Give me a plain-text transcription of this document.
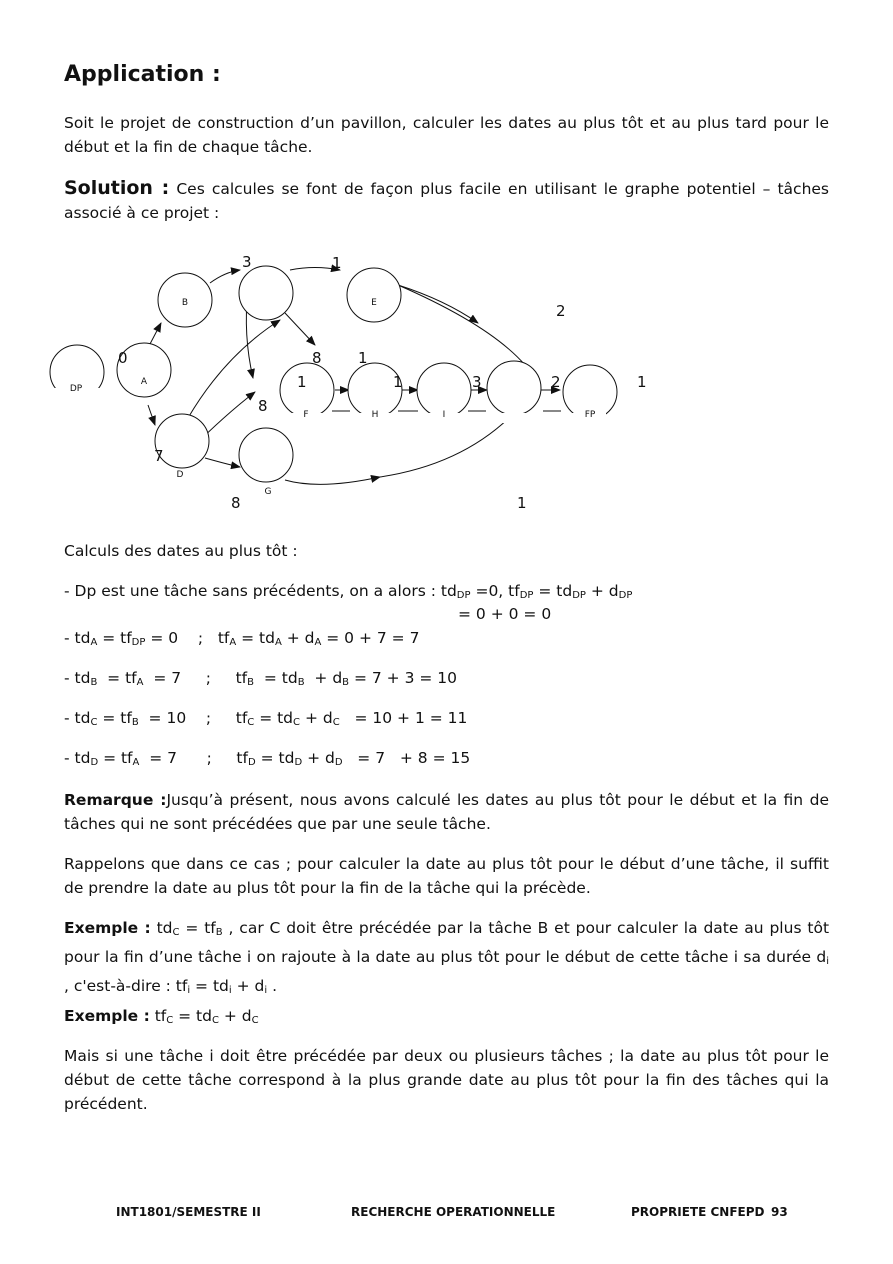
Application :
Soit le projet de construction d’un pavillon, calculer les dates au plus tôt et au plus tard pour le début et la fin de chaque tâche.
Solution : Ces calcules se font de façon plus facile en utilisant le graphe potentiel – tâches associé à ce projet :
DP
A
B	E
D
G
F	H	I	FP
3	1
2
0	8 1
1	1	3	2	1
8
7
8	1
Calculs des dates au plus tôt :
- Dp est une tâche sans précédents, on a alors : $td_{DP} =0$, $tf_{DP} = td_{DP} + d_{DP}$
= 0 + 0 = 0
- $td_A = tf_{DP} = 0$    ;   $tf_A = td_A + d_A = 0 + 7 = 7$
- $td_B = tf_A = 7$     ;     $tf_B = td_B + d_B = 7 + 3 = 10$
- $td_C = tf_B = 10$    ;     $tf_C = td_C + d_C = 10 + 1 = 11$
- $td_D = tf_A = 7$      ;     $tf_D = td_D + d_D = 7 + 8 = 15$
Remarque :Jusqu’à présent, nous avons calculé les dates au plus tôt pour le début et la fin de tâches qui ne sont précédées que par une seule tâche.
Rappelons que dans ce cas ; pour calculer la date au plus tôt pour le début d’une tâche, il suffit de prendre la date au plus tôt pour la fin de la tâche qui la précède.
Exemple : $td_C = tf_B$ , car C doit être précédée par la tâche B et pour calculer la date au plus tôt pour la fin d’une tâche i on rajoute à la date au plus tôt pour le début de cette tâche i sa durée $d_i$ , c'est-à-dire : $tf_i = td_i + d_i$ .
Exemple : $tf_C = td_C + d_C$
Mais si une tâche i doit être précédée par deux ou plusieurs tâches ; la date au plus tôt pour le début de cette tâche correspond à la plus grande date au plus tôt pour la fin des tâches qui la précédent.
INT1801/SEMESTRE II	RECHERCHE OPERATIONNELLE	PROPRIETE CNFEPD 93
